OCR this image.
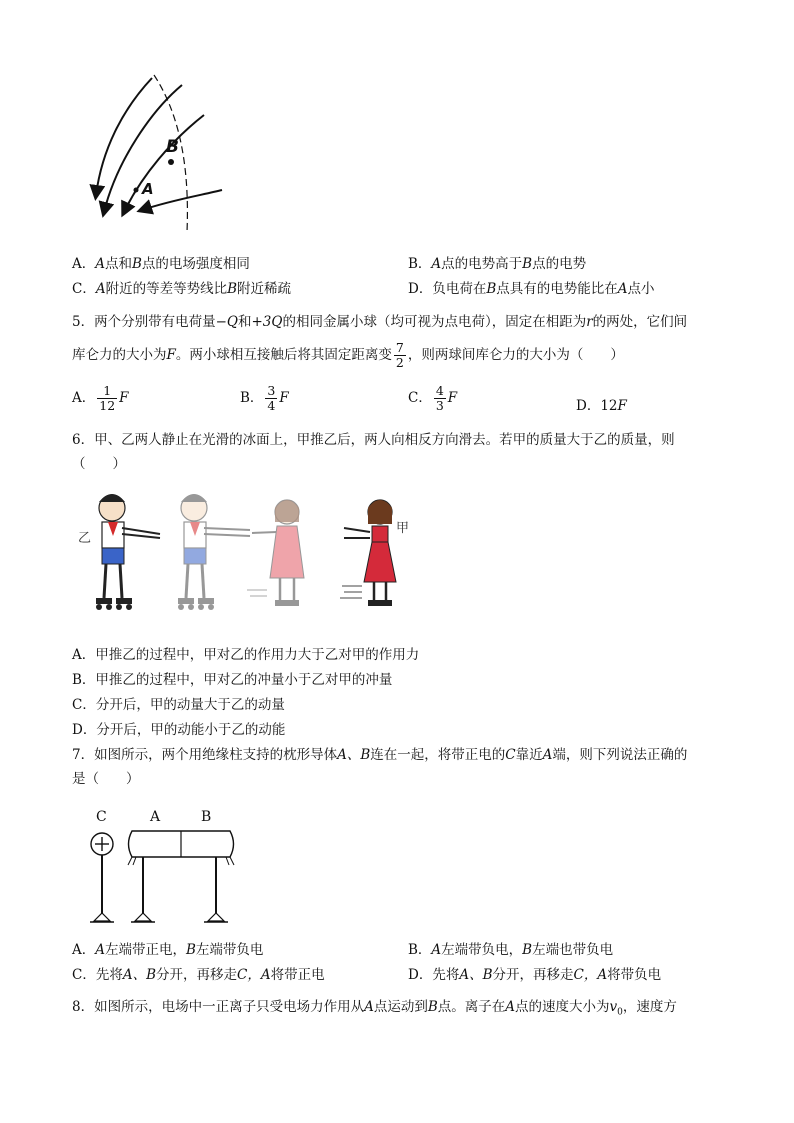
B
A
A．A点和B点的电场强度相同	B．A点的电势高于B点的电势
C．A附近的等差等势线比B附近稀疏	D．负电荷在B点具有的电势能比在A点小
5．两个分别带有电荷量−Q和+3Q的相同金属小球（均可视为点电荷），固定在相距为r的两处，它们间
库仑力的大小为F。两小球相互接触后将其固定距离变 $\frac{7}{2}$ ，则两球间库仑力的大小为（　　）
A． $\frac{1}{12}$ F	B． $\frac{3}{4}$ F	C． $\frac{4}{3}$ F	D．12F
6．甲、乙两人静止在光滑的冰面上，甲推乙后，两人向相反方向滑去。若甲的质量大于乙的质量，则
（　　）
乙
甲
A．甲推乙的过程中，甲对乙的作用力大于乙对甲的作用力
B．甲推乙的过程中，甲对乙的冲量小于乙对甲的冲量
C．分开后，甲的动量大于乙的动量
D．分开后，甲的动能小于乙的动能
7．如图所示，两个用绝缘柱支持的枕形导体A、B连在一起，将带正电的C靠近A端，则下列说法正确的
是（　　）
C	A	B
A．A左端带正电，B左端带负电	B．A左端带负电，B左端也带负电
C．先将A、B分开，再移走C，A将带正电	D．先将A、B分开，再移走C，A将带负电
8．如图所示，电场中一正离子只受电场力作用从A点运动到B点。离子在A点的速度大小为$v_0$，速度方
